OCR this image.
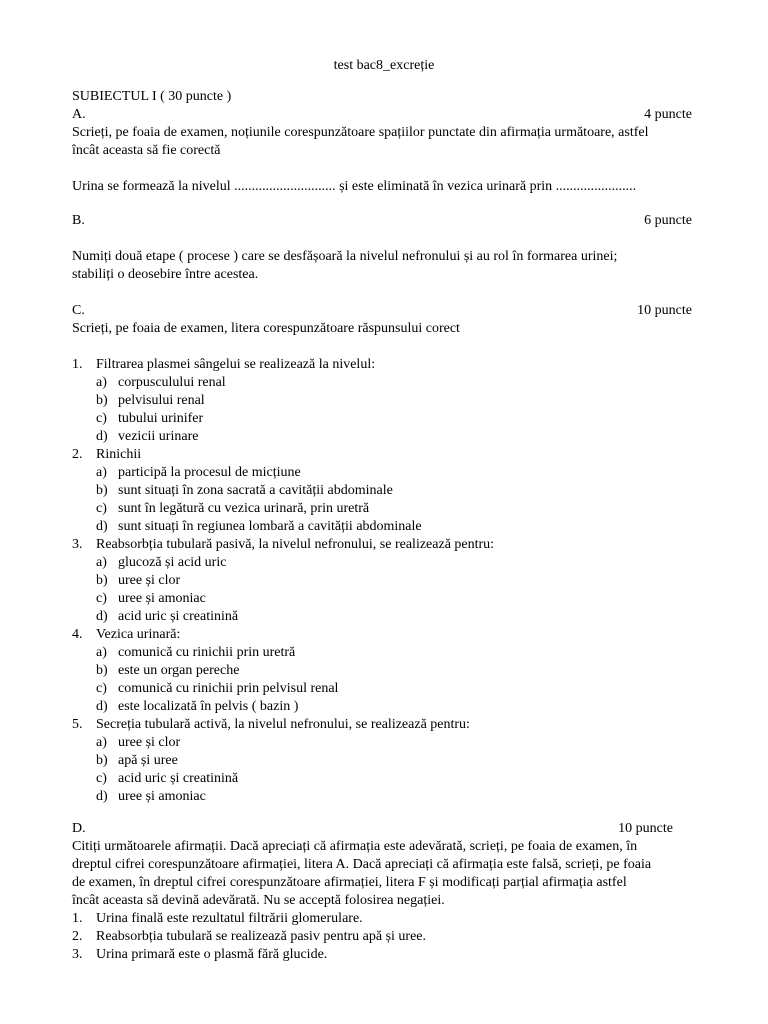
test bac8_excreție

SUBIECTUL I ( 30 puncte )

A.	4 puncte

Scrieți, pe foaia de examen, noțiunile corespunzătoare spațiilor punctate din afirmația următoare, astfel

încât aceasta să fie corectă

Urina se formează la nivelul ............................. și este eliminată în vezica urinară prin .......................

B.	6 puncte

Numiți două etape ( procese ) care se desfășoară la nivelul nefronului și au rol în formarea urinei;

stabiliți o deosebire între acestea.

C.	10 puncte

Scrieți, pe foaia de examen, litera corespunzătoare răspunsului corect

1. Filtrarea plasmei sângelui se realizează la nivelul:
a) corpusculului renal
b) pelvisului renal
c) tubului urinifer
d) vezicii urinare
2. Rinichii
a) participă la procesul de micțiune
b) sunt situați în zona sacrată a cavității abdominale
c) sunt în legătură cu vezica urinară, prin uretră
d) sunt situați în regiunea lombară a cavității abdominale
3. Reabsorbția tubulară pasivă, la nivelul nefronului, se realizează pentru:
a) glucoză și acid uric
b) uree și clor
c) uree și amoniac
d) acid uric și creatinină
4. Vezica urinară:
a) comunică cu rinichii prin uretră
b) este un organ pereche
c) comunică cu rinichii prin pelvisul renal
d) este localizată în pelvis ( bazin )
5. Secreția tubulară activă, la nivelul nefronului, se realizează pentru:
a) uree și clor
b) apă și uree
c) acid uric și creatinină
d) uree și amoniac
D.	10 puncte

Citiți următoarele afirmații. Dacă apreciați că afirmația este adevărată, scrieți, pe foaia de examen, în

dreptul cifrei corespunzătoare afirmației, litera A. Dacă apreciați că afirmația este falsă, scrieți, pe foaia

de examen, în dreptul cifrei corespunzătoare afirmației, litera F și modificați parțial afirmația astfel

încât aceasta să devină adevărată. Nu se acceptă folosirea negației.

1. Urina finală este rezultatul filtrării glomerulare.
2. Reabsorbția tubulară se realizează pasiv pentru apă și uree.
3. Urina primară este o plasmă fără glucide.
